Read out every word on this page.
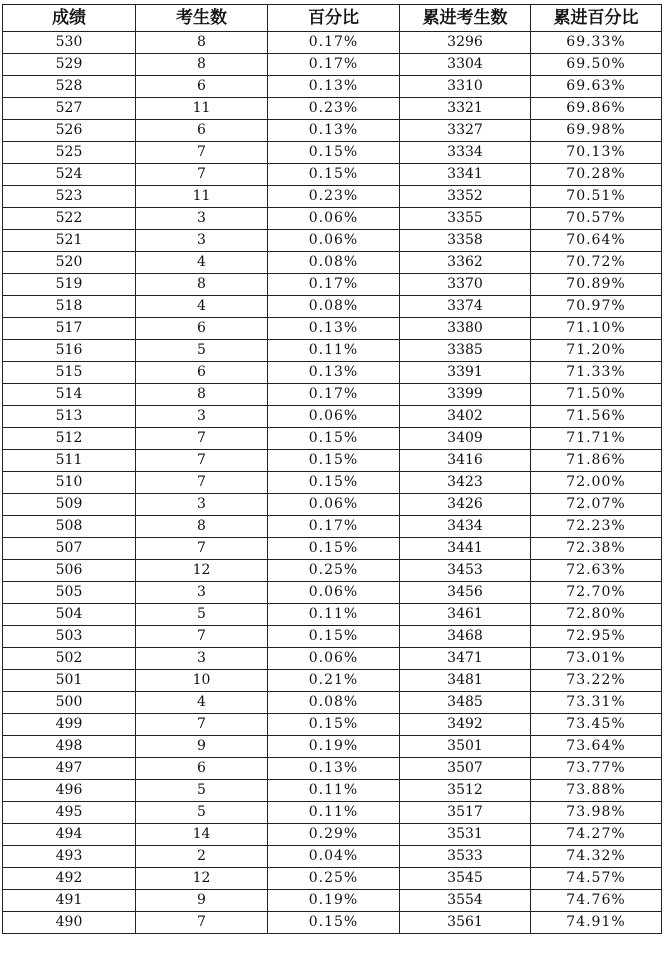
成绩	考生数	百分比	累进考生数	累进百分比
530	8	0.17%	3296	69.33%
529	8	0.17%	3304	69.50%
528	6	0.13%	3310	69.63%
527	11	0.23%	3321	69.86%
526	6	0.13%	3327	69.98%
525	7	0.15%	3334	70.13%
524	7	0.15%	3341	70.28%
523	11	0.23%	3352	70.51%
522	3	0.06%	3355	70.57%
521	3	0.06%	3358	70.64%
520	4	0.08%	3362	70.72%
519	8	0.17%	3370	70.89%
518	4	0.08%	3374	70.97%
517	6	0.13%	3380	71.10%
516	5	0.11%	3385	71.20%
515	6	0.13%	3391	71.33%
514	8	0.17%	3399	71.50%
513	3	0.06%	3402	71.56%
512	7	0.15%	3409	71.71%
511	7	0.15%	3416	71.86%
510	7	0.15%	3423	72.00%
509	3	0.06%	3426	72.07%
508	8	0.17%	3434	72.23%
507	7	0.15%	3441	72.38%
506	12	0.25%	3453	72.63%
505	3	0.06%	3456	72.70%
504	5	0.11%	3461	72.80%
503	7	0.15%	3468	72.95%
502	3	0.06%	3471	73.01%
501	10	0.21%	3481	73.22%
500	4	0.08%	3485	73.31%
499	7	0.15%	3492	73.45%
498	9	0.19%	3501	73.64%
497	6	0.13%	3507	73.77%
496	5	0.11%	3512	73.88%
495	5	0.11%	3517	73.98%
494	14	0.29%	3531	74.27%
493	2	0.04%	3533	74.32%
492	12	0.25%	3545	74.57%
491	9	0.19%	3554	74.76%
490	7	0.15%	3561	74.91%
